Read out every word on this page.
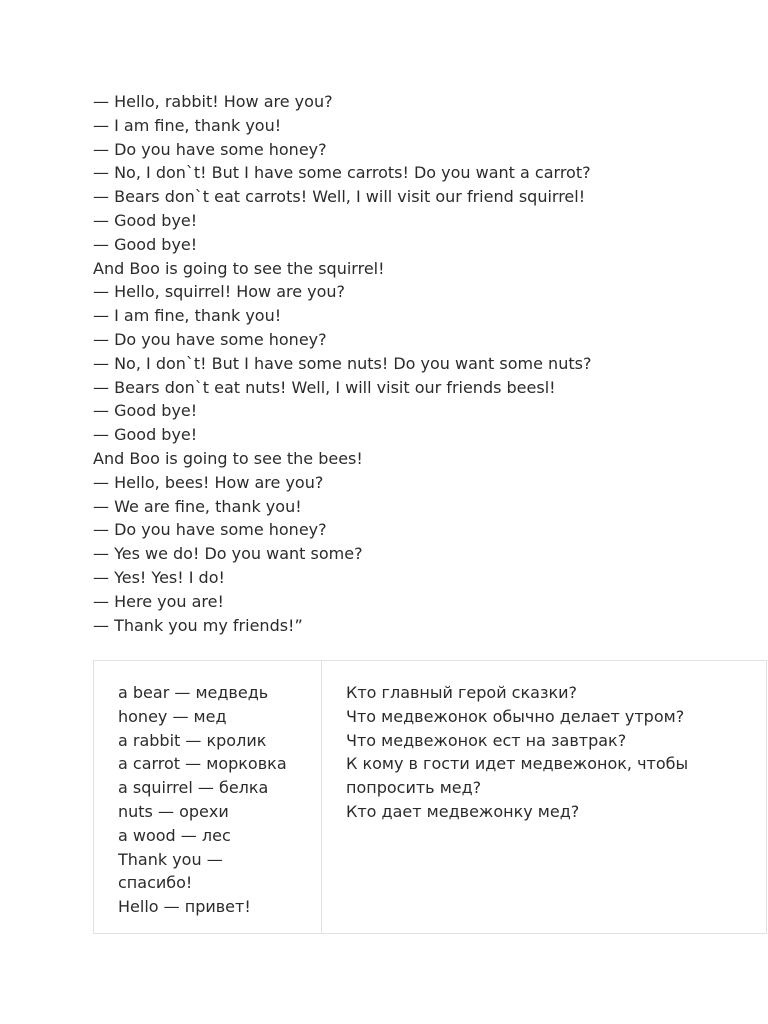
— Hello, rabbit! How are you?
— I am fine, thank you!
— Do you have some honey?
— No, I don`t! But I have some carrots! Do you want a carrot?
— Bears don`t eat carrots! Well, I will visit our friend squirrel!
— Good bye!
— Good bye!
And Boo is going to see the squirrel!
— Hello, squirrel! How are you?
— I am fine, thank you!
— Do you have some honey?
— No, I don`t! But I have some nuts! Do you want some nuts?
— Bears don`t eat nuts! Well, I will visit our friends beesl!
— Good bye!
— Good bye!
And Boo is going to see the bees!
— Hello, bees! How are you?
— We are fine, thank you!
— Do you have some honey?
— Yes we do! Do you want some?
— Yes! Yes! I do!
— Here you are!
— Thank you my friends!”
a bear — медведь
honey — мед
a rabbit — кролик
a carrot — морковка
a squirrel — белка
nuts — орехи
a wood — лес
Thank you —
спасибо!
Hello — привет!
Кто главный герой сказки?
Что медвежонок обычно делает утром?
Что медвежонок ест на завтрак?
К кому в гости идет медвежонок, чтобы
попросить мед?
Кто дает медвежонку мед?
